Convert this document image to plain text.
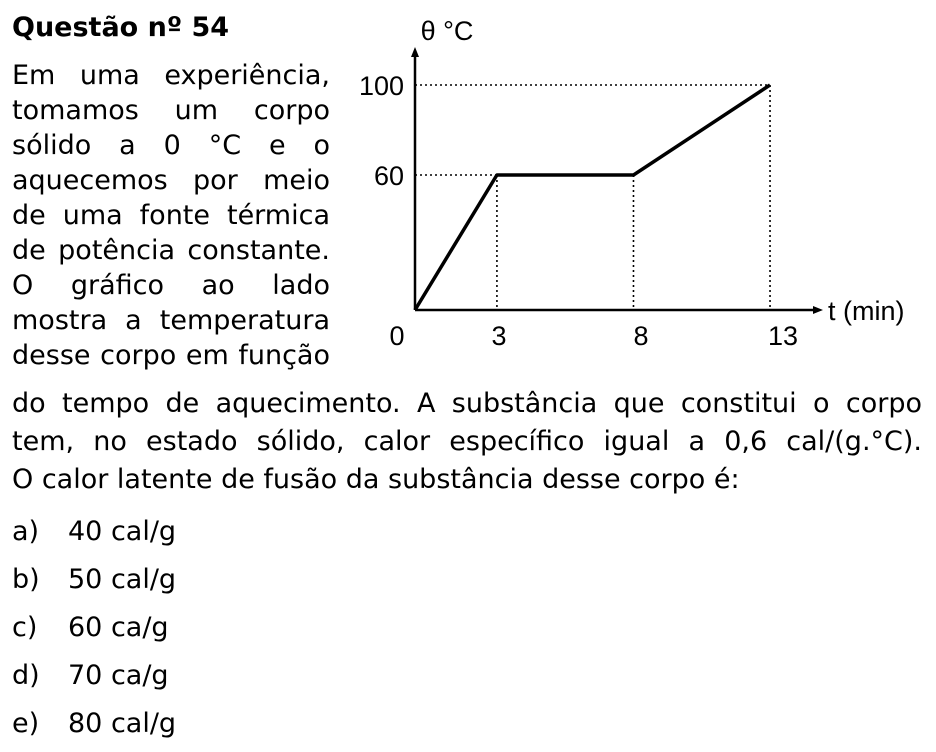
Questão nº 54
Em uma experiência,
tomamos um corpo
sólido a 0 °C e o
aquecemos por meio
de uma fonte térmica
de potência constante.
O gráfico ao lado
mostra a temperatura
desse corpo em função
θ °C
t (min)
100
60
0	3	8	13
do tempo de aquecimento. A substância que constitui o corpo
tem, no estado sólido, calor específico igual a 0,6 cal/(g.°C).
O calor latente de fusão da substância desse corpo é:
a) 40 cal/g
b) 50 cal/g
c) 60 ca/g
d) 70 ca/g
e) 80 cal/g
